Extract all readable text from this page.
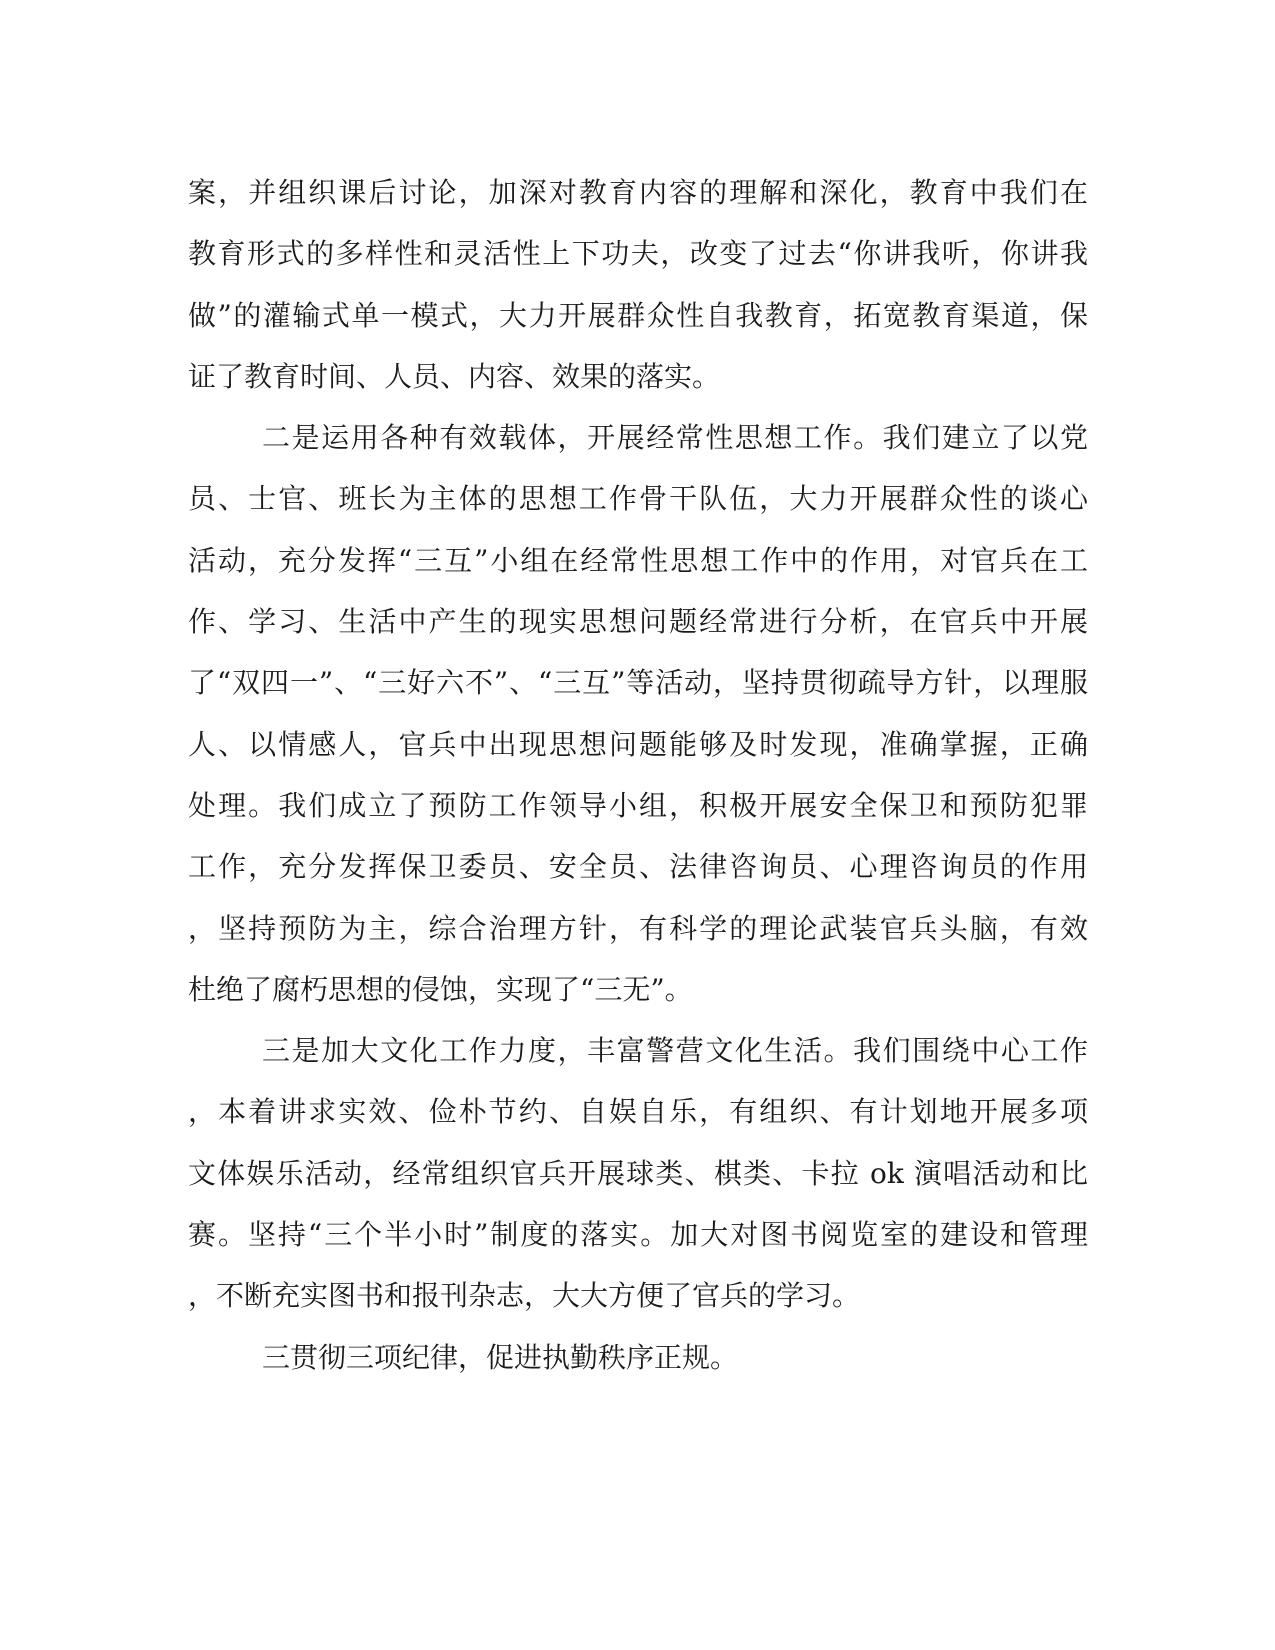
案，并组织课后讨论，加深对教育内容的理解和深化，教育中我们在
教育形式的多样性和灵活性上下功夫，改变了过去“你讲我听，你讲我
做”的灌输式单一模式，大力开展群众性自我教育，拓宽教育渠道，保
证了教育时间、人员、内容、效果的落实。
二是运用各种有效载体，开展经常性思想工作。我们建立了以党
员、士官、班长为主体的思想工作骨干队伍，大力开展群众性的谈心
活动，充分发挥“三互”小组在经常性思想工作中的作用，对官兵在工
作、学习、生活中产生的现实思想问题经常进行分析，在官兵中开展
了“双四一”、“三好六不”、“三互”等活动，坚持贯彻疏导方针，以理服
人、以情感人，官兵中出现思想问题能够及时发现，准确掌握，正确
处理。我们成立了预防工作领导小组，积极开展安全保卫和预防犯罪
工作，充分发挥保卫委员、安全员、法律咨询员、心理咨询员的作用
，坚持预防为主，综合治理方针，有科学的理论武装官兵头脑，有效
杜绝了腐朽思想的侵蚀，实现了“三无”。
三是加大文化工作力度，丰富警营文化生活。我们围绕中心工作
，本着讲求实效、俭朴节约、自娱自乐，有组织、有计划地开展多项
文体娱乐活动，经常组织官兵开展球类、棋类、卡拉 ok 演唱活动和比
赛。坚持“三个半小时”制度的落实。加大对图书阅览室的建设和管理
，不断充实图书和报刊杂志，大大方便了官兵的学习。
三贯彻三项纪律，促进执勤秩序正规。
